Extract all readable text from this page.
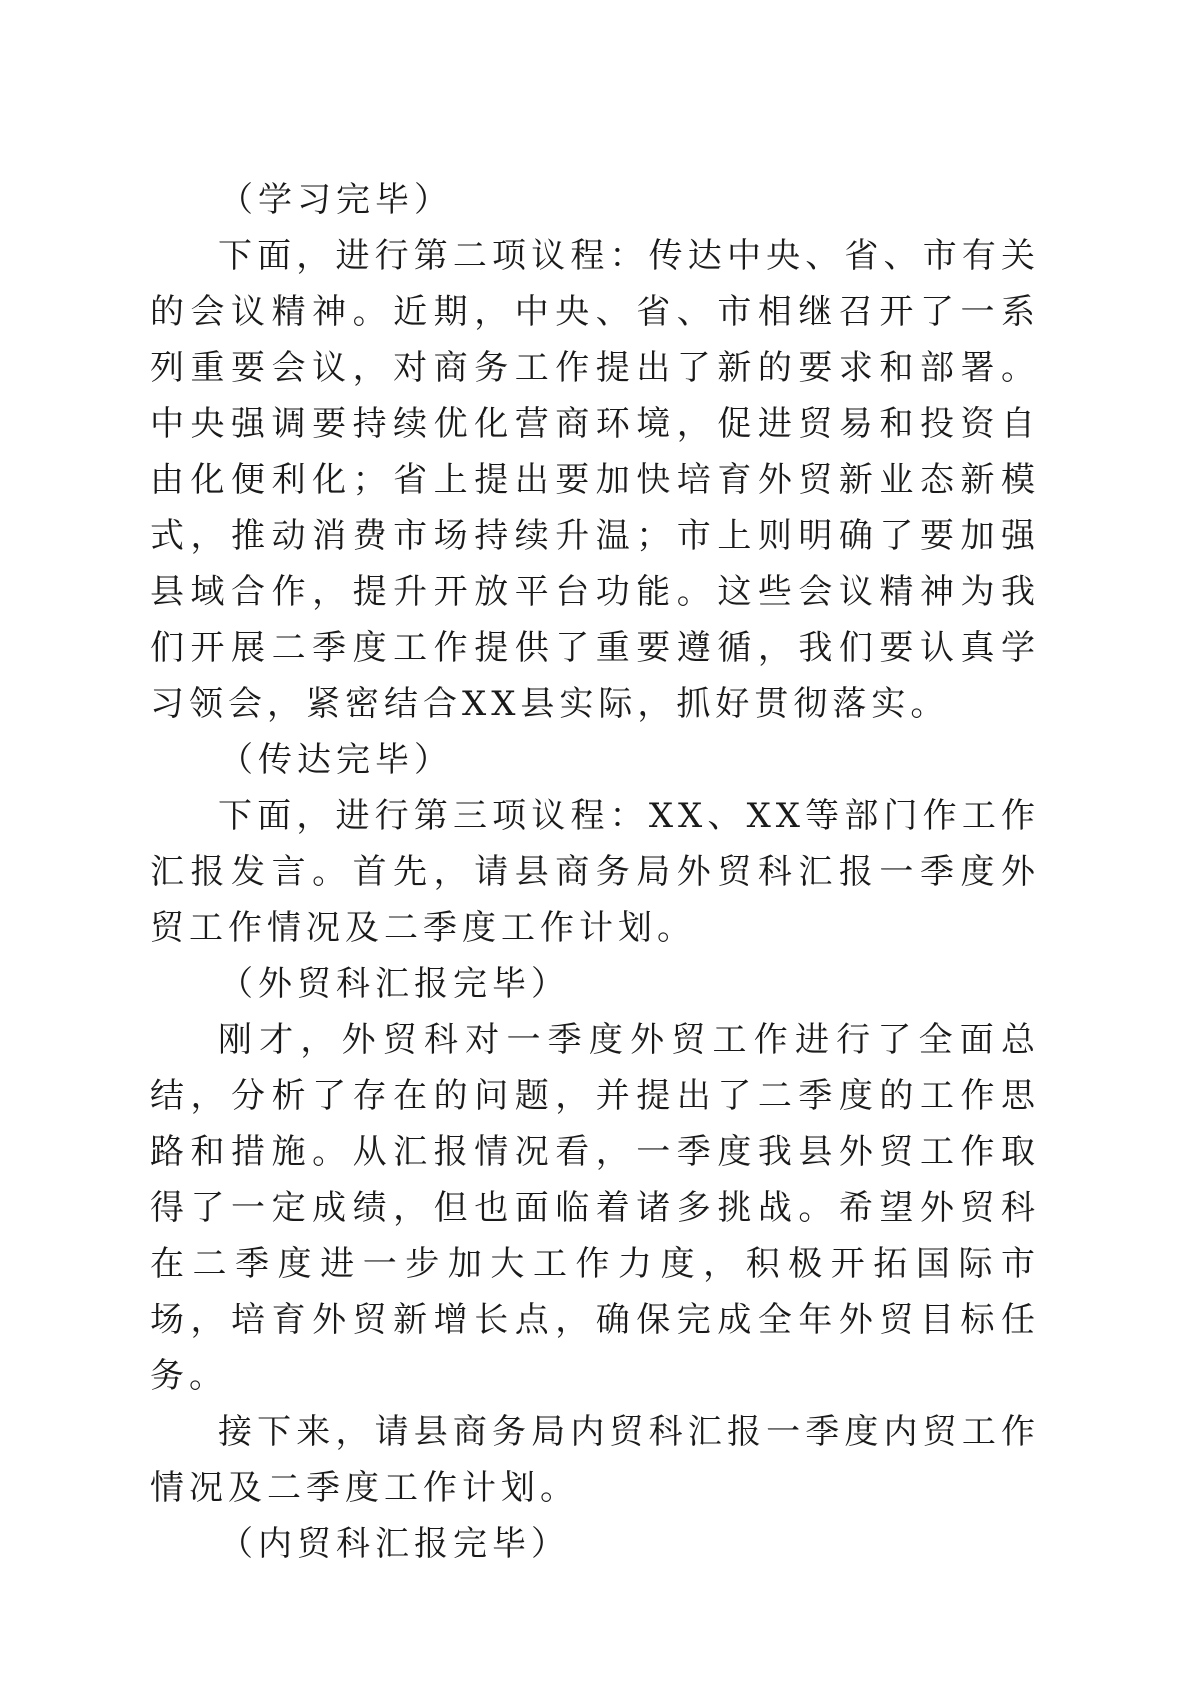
（学习完毕）

下面，进行第二项议程：传达中央、省、市有关的会议精神。近期，中央、省、市相继召开了一系列重要会议，对商务工作提出了新的要求和部署。中央强调要持续优化营商环境，促进贸易和投资自由化便利化；省上提出要加快培育外贸新业态新模式，推动消费市场持续升温；市上则明确了要加强县域合作，提升开放平台功能。这些会议精神为我们开展二季度工作提供了重要遵循，我们要认真学习领会，紧密结合XX县实际，抓好贯彻落实。

（传达完毕）

下面，进行第三项议程：XX、XX等部门作工作汇报发言。首先，请县商务局外贸科汇报一季度外贸工作情况及二季度工作计划。

（外贸科汇报完毕）

刚才，外贸科对一季度外贸工作进行了全面总结，分析了存在的问题，并提出了二季度的工作思路和措施。从汇报情况看，一季度我县外贸工作取得了一定成绩，但也面临着诸多挑战。希望外贸科在二季度进一步加大工作力度，积极开拓国际市场，培育外贸新增长点，确保完成全年外贸目标任务。

接下来，请县商务局内贸科汇报一季度内贸工作情况及二季度工作计划。

（内贸科汇报完毕）
